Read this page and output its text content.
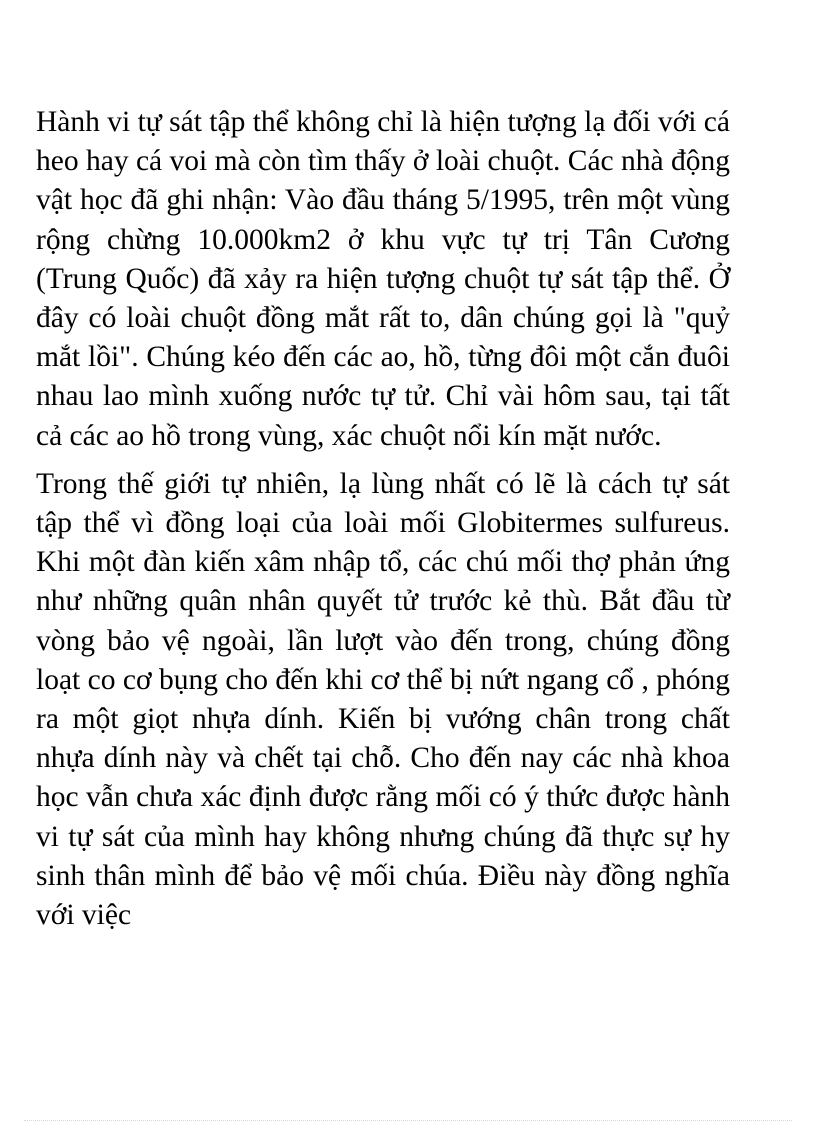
Hành vi tự sát tập thể không chỉ là hiện tượng lạ đối với cá heo hay cá voi mà còn tìm thấy ở loài chuột. Các nhà động vật học đã ghi nhận: Vào đầu tháng 5/1995, trên một vùng rộng chừng 10.000km2 ở khu vực tự trị Tân Cương (Trung Quốc) đã xảy ra hiện tượng chuột tự sát tập thể. Ở đây có loài chuột đồng mắt rất to, dân chúng gọi là "quỷ mắt lồi". Chúng kéo đến các ao, hồ, từng đôi một cắn đuôi nhau lao mình xuống nước tự tử. Chỉ vài hôm sau, tại tất cả các ao hồ trong vùng, xác chuột nổi kín mặt nước.

Trong thế giới tự nhiên, lạ lùng nhất có lẽ là cách tự sát tập thể vì đồng loại của loài mối Globitermes sulfureus. Khi một đàn kiến xâm nhập tổ, các chú mối thợ phản ứng như những quân nhân quyết tử trước kẻ thù. Bắt đầu từ vòng bảo vệ ngoài, lần lượt vào đến trong, chúng đồng loạt co cơ bụng cho đến khi cơ thể bị nứt ngang cổ , phóng ra một giọt nhựa dính. Kiến bị vướng chân trong chất nhựa dính này và chết tại chỗ. Cho đến nay các nhà khoa học vẫn chưa xác định được rằng mối có ý thức được hành vi tự sát của mình hay không nhưng chúng đã thực sự hy sinh thân mình để bảo vệ mối chúa. Điều này đồng nghĩa với việc
